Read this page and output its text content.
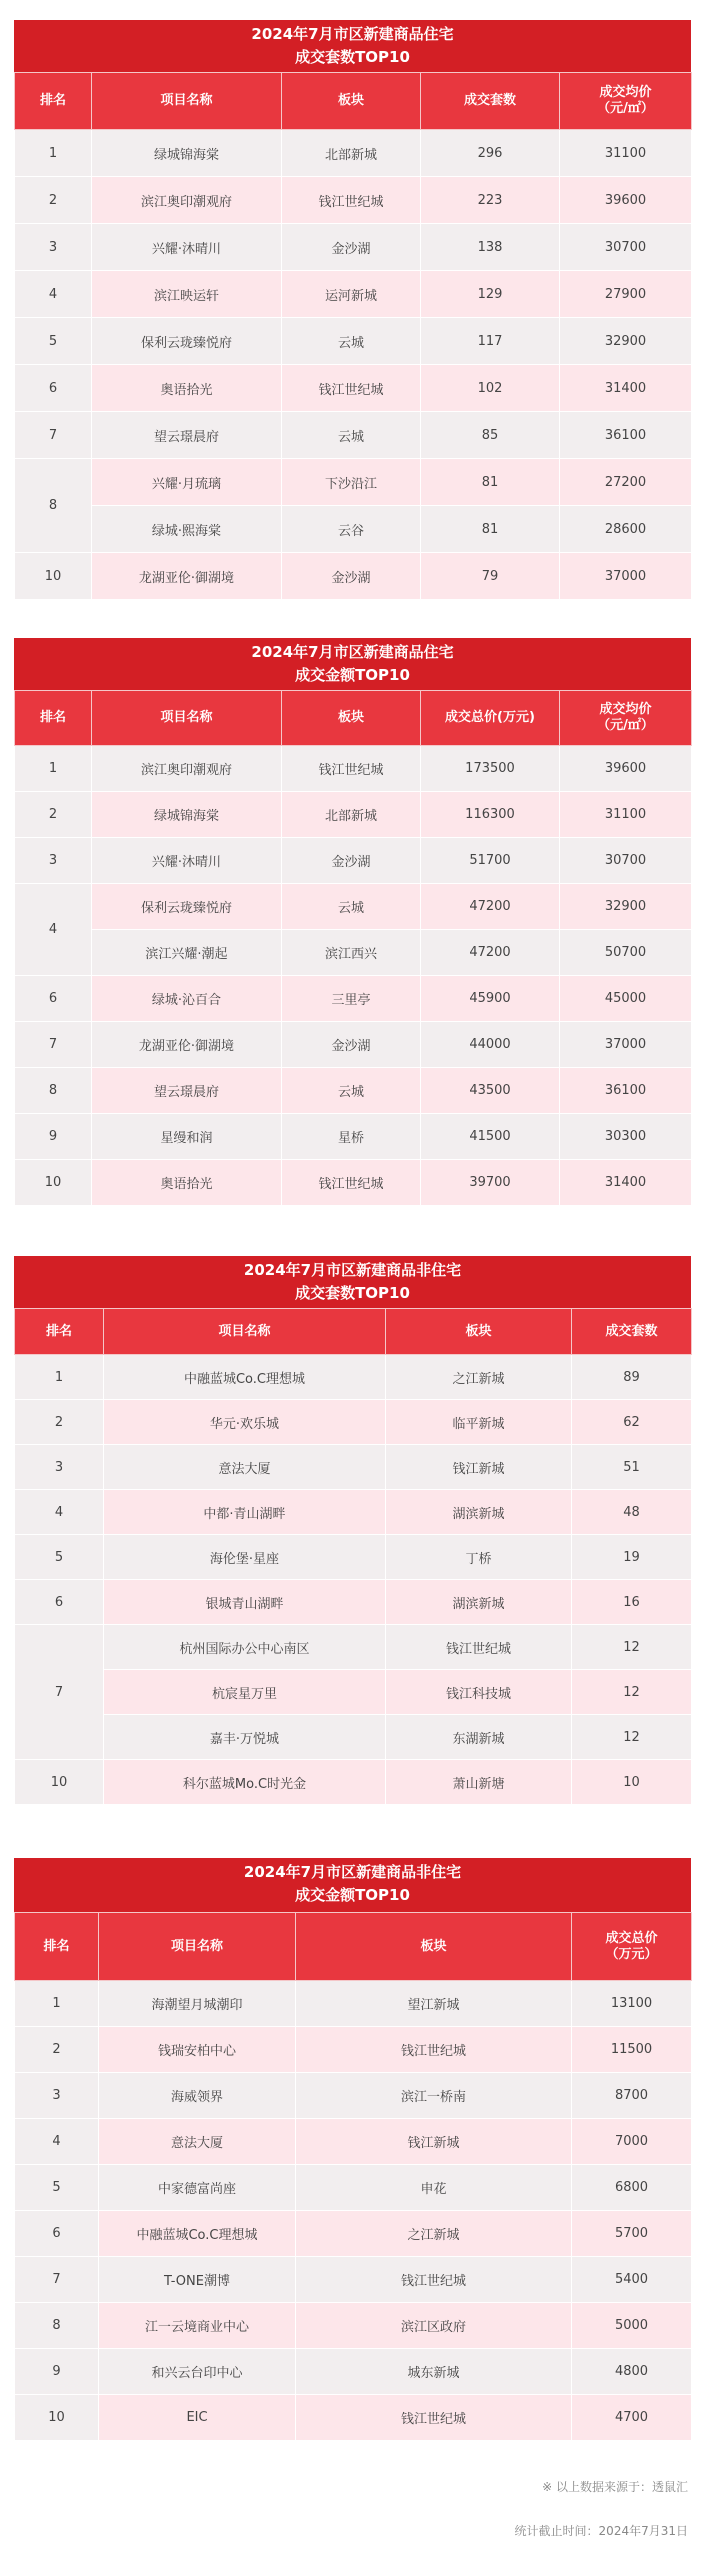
2024年7月市区新建商品住宅
成交套数TOP10
排名	项目名称	板块	成交套数	成交均价
（元/㎡）
1	绿城锦海棠	北部新城	296	31100
2	滨江奥印潮观府	钱江世纪城	223	39600
3	兴耀·沐晴川	金沙湖	138	30700
4	滨江映运轩	运河新城	129	27900
5	保利云珑臻悦府	云城	117	32900
6	奥语拾光	钱江世纪城	102	31400
7	望云璟晨府	云城	85	36100
8	兴耀·月琉璃	下沙沿江	81	27200
	绿城·熙海棠	云谷	81	28600
10	龙湖亚伦·御湖境	金沙湖	79	37000
2024年7月市区新建商品住宅
成交金额TOP10
排名	项目名称	板块	成交总价(万元)	成交均价
（元/㎡）
1	滨江奥印潮观府	钱江世纪城	173500	39600
2	绿城锦海棠	北部新城	116300	31100
3	兴耀·沐晴川	金沙湖	51700	30700
4	保利云珑臻悦府	云城	47200	32900
	滨江兴耀·潮起	滨江西兴	47200	50700
6	绿城·沁百合	三里亭	45900	45000
7	龙湖亚伦·御湖境	金沙湖	44000	37000
8	望云璟晨府	云城	43500	36100
9	星缦和润	星桥	41500	30300
10	奥语拾光	钱江世纪城	39700	31400
2024年7月市区新建商品非住宅
成交套数TOP10
排名	项目名称	板块	成交套数
1	中融蓝城Co.C理想城	之江新城	89
2	华元·欢乐城	临平新城	62
3	意法大厦	钱江新城	51
4	中都·青山湖畔	湖滨新城	48
5	海伦堡·星座	丁桥	19
6	银城青山湖畔	湖滨新城	16
7	杭州国际办公中心南区	钱江世纪城	12
	杭宸星万里	钱江科技城	12
	嘉丰·万悦城	东湖新城	12
10	科尔蓝城Mo.C时光金	萧山新塘	10
2024年7月市区新建商品非住宅
成交金额TOP10
排名	项目名称	板块	成交总价
（万元）
1	海潮望月城潮印	望江新城	13100
2	钱瑞安柏中心	钱江世纪城	11500
3	海威领界	滨江一桥南	8700
4	意法大厦	钱江新城	7000
5	中家德富尚座	申花	6800
6	中融蓝城Co.C理想城	之江新城	5700
7	T-ONE潮博	钱江世纪城	5400
8	江一云境商业中心	滨江区政府	5000
9	和兴云台印中心	城东新城	4800
10	EIC	钱江世纪城	4700
※ 以上数据来源于：透鼠汇
统计截止时间：2024年7月31日
